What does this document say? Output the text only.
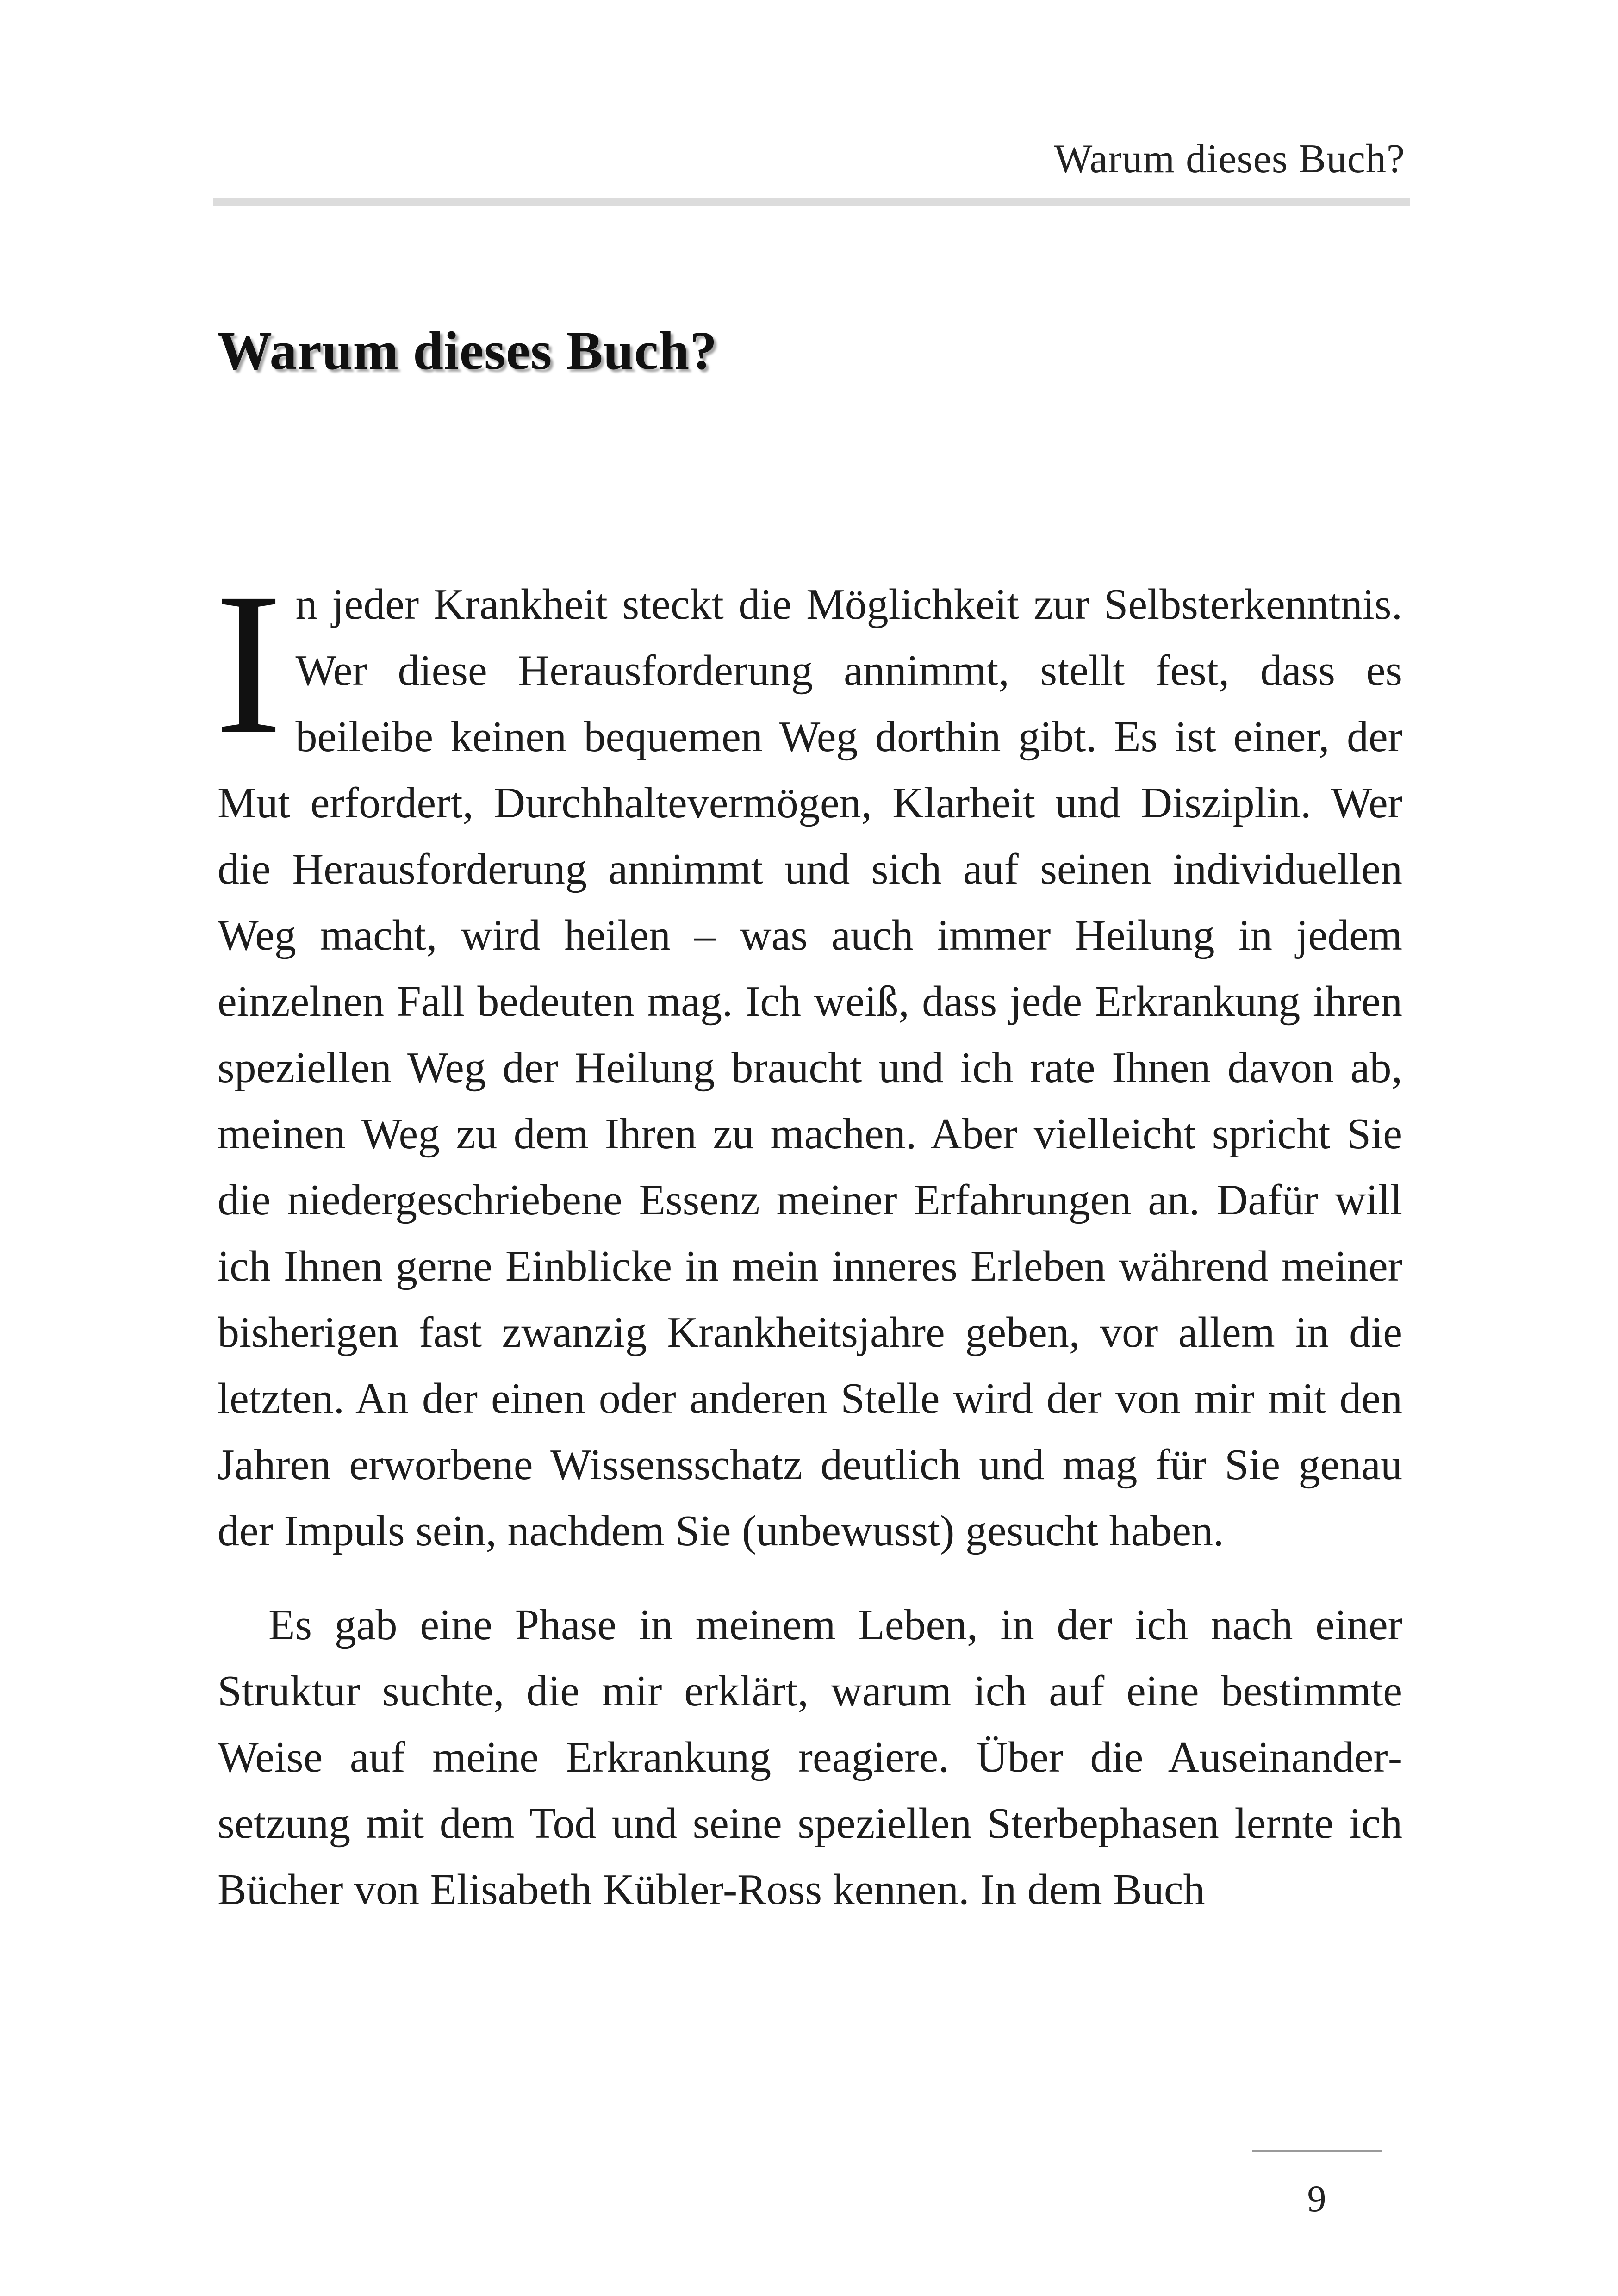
Warum dieses Buch?
Warum dieses Buch?

In jeder Krankheit steckt die Möglichkeit zur Selbsterkenntnis. Wer diese Herausforderung annimmt, stellt fest, dass es beileibe keinen bequemen Weg dorthin gibt. Es ist einer, der Mut erfordert, Durchhaltevermögen, Klarheit und Disziplin. Wer die Herausforderung annimmt und sich auf seinen individuellen Weg macht, wird heilen – was auch immer Heilung in jedem einzelnen Fall bedeuten mag. Ich weiß, dass jede Erkrankung ihren speziellen Weg der Heilung braucht und ich rate Ihnen davon ab, meinen Weg zu dem Ihren zu machen. Aber vielleicht spricht Sie die niedergeschriebene Essenz meiner Erfahrungen an. Dafür will ich Ihnen gerne Einblicke in mein inneres Erleben während meiner bisherigen fast zwanzig Krankheitsjahre geben, vor allem in die letzten. An der einen oder anderen Stelle wird der von mir mit den Jahren erworbene Wissensschatz deutlich und mag für Sie genau der Impuls sein, nachdem Sie (unbewusst) gesucht haben.

Es gab eine Phase in meinem Leben, in der ich nach einer Struktur suchte, die mir erklärt, warum ich auf eine bestimmte Weise auf meine Erkrankung reagiere. Über die Auseinandersetzung mit dem Tod und seine speziellen Sterbephasen lernte ich Bücher von Elisabeth Kübler-Ross kennen. In dem Buch

9
